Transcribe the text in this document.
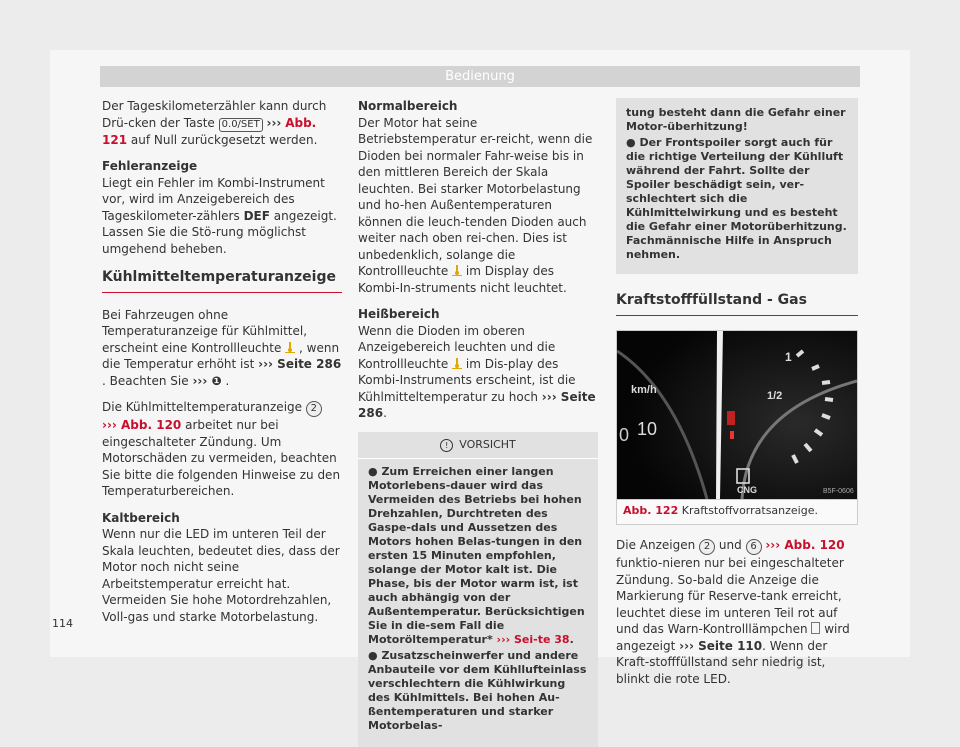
Bedienung

Der Tageskilometerzähler kann durch Drü-cken der Taste 0.0/SET ››› Abb. 121 auf Null zurückgesetzt werden.

Fehleranzeige

Liegt ein Fehler im Kombi-Instrument vor, wird im Anzeigebereich des Tageskilometer-zählers DEF angezeigt. Lassen Sie die Stö-rung möglichst umgehend beheben.

Kühlmitteltemperaturanzeige

Bei Fahrzeugen ohne Temperaturanzeige für Kühlmittel, erscheint eine Kontrollleuchte , wenn die Temperatur erhöht ist ››› Seite 286 . Beachten Sie ››› ❶ .

Die Kühlmitteltemperaturanzeige 2
››› Abb. 120 arbeitet nur bei eingeschalteter Zündung. Um Motorschäden zu vermeiden, beachten Sie bitte die folgenden Hinweise zu den Temperaturbereichen.

Kaltbereich

Wenn nur die LED im unteren Teil der Skala leuchten, bedeutet dies, dass der Motor noch nicht seine Arbeitstemperatur erreicht hat. Vermeiden Sie hohe Motordrehzahlen, Voll-gas und starke Motorbelastung.

Normalbereich

Der Motor hat seine Betriebstemperatur er-reicht, wenn die Dioden bei normaler Fahr-weise bis in den mittleren Bereich der Skala leuchten. Bei starker Motorbelastung und ho-hen Außentemperaturen können die leuch-tenden Dioden auch weiter nach oben rei-chen. Dies ist unbedenklich, solange die Kontrollleuchte im Display des Kombi-In-struments nicht leuchtet.

Heißbereich

Wenn die Dioden im oberen Anzeigebereich leuchten und die Kontrollleuchte im Dis-play des Kombi-Instruments erscheint, ist die Kühlmitteltemperatur zu hoch ››› Seite 286.

! VORSICHT

● Zum Erreichen einer langen Motorlebens-dauer wird das Vermeiden des Betriebs bei hohen Drehzahlen, Durchtreten des Gaspe-dals und Aussetzen des Motors hohen Belas-tungen in den ersten 15 Minuten empfohlen, solange der Motor kalt ist. Die Phase, bis der Motor warm ist, ist auch abhängig von der Außentemperatur. Berücksichtigen Sie in die-sem Fall die Motoröltemperatur* ››› Sei-te 38.

● Zusatzscheinwerfer und andere Anbauteile vor dem Kühllufteinlass verschlechtern die Kühlwirkung des Kühlmittels. Bei hohen Au-ßentemperaturen und starker Motorbelas-

tung besteht dann die Gefahr einer Motor-überhitzung!

● Der Frontspoiler sorgt auch für die richtige Verteilung der Kühlluft während der Fahrt. Sollte der Spoiler beschädigt sein, ver-schlechtert sich die Kühlmittelwirkung und es besteht die Gefahr einer Motorüberhitzung. Fachmännische Hilfe in Anspruch nehmen.

Kraftstofffüllstand - Gas
1
1/2
km/h
0 10
CNG	B5F-0606
Abb. 122 Kraftstoffvorratsanzeige.

Die Anzeigen 2 und 6 ››› Abb. 120 funktio-nieren nur bei eingeschalteter Zündung. So-bald die Anzeige die Markierung für Reserve-tank erreicht, leuchtet diese im unteren Teil rot auf und das Warn-Kontrolllämpchen wird angezeigt ››› Seite 110. Wenn der Kraft-stofffüllstand sehr niedrig ist, blinkt die rote LED.

114
